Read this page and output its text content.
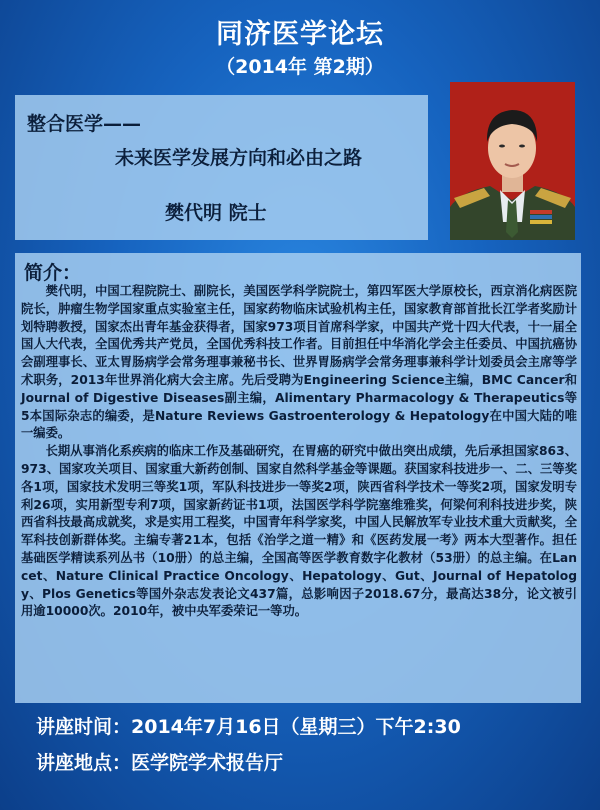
同济医学论坛
（2014年 第2期）
整合医学——
未来医学发展方向和必由之路
樊代明 院士
简介：

樊代明，中国工程院院士、副院长，美国医学科学院院士，第四军医大学原校长，西京消化病医院院长，肿瘤生物学国家重点实验室主任，国家药物临床试验机构主任，国家教育部首批长江学者奖励计划特聘教授，国家杰出青年基金获得者，国家973项目首席科学家，中国共产党十四大代表，十一届全国人大代表，全国优秀共产党员，全国优秀科技工作者。目前担任中华消化学会主任委员、中国抗癌协会副理事长、亚太胃肠病学会常务理事兼秘书长、世界胃肠病学会常务理事兼科学计划委员会主席等学术职务，2013年世界消化病大会主席。先后受聘为Engineering Science主编，BMC Cancer和Journal of Digestive Diseases副主编，Alimentary Pharmacology & Therapeutics等5本国际杂志的编委，是Nature Reviews Gastroenterology & Hepatology在中国大陆的唯一编委。

长期从事消化系疾病的临床工作及基础研究，在胃癌的研究中做出突出成绩，先后承担国家863、973、国家攻关项目、国家重大新药创制、国家自然科学基金等课题。获国家科技进步一、二、三等奖各1项，国家技术发明三等奖1项，军队科技进步一等奖2项，陕西省科学技术一等奖2项，国家发明专利26项，实用新型专利7项，国家新药证书1项，法国医学科学院塞维雅奖，何梁何利科技进步奖，陕西省科技最高成就奖，求是实用工程奖，中国青年科学家奖，中国人民解放军专业技术重大贡献奖，全军科技创新群体奖。主编专著21本，包括《治学之道一精》和《医药发展一考》两本大型著作。担任基础医学精读系列丛书（10册）的总主编，全国高等医学教育数字化教材（53册）的总主编。在Lancet、Nature Clinical Practice Oncology、Hepatology、Gut、Journal of Hepatology、Plos Genetics等国外杂志发表论文437篇，总影响因子2018.67分，最高达38分，论文被引用逾10000次。2010年，被中央军委荣记一等功。

讲座时间：2014年7月16日（星期三）下午2:30
讲座地点：医学院学术报告厅
